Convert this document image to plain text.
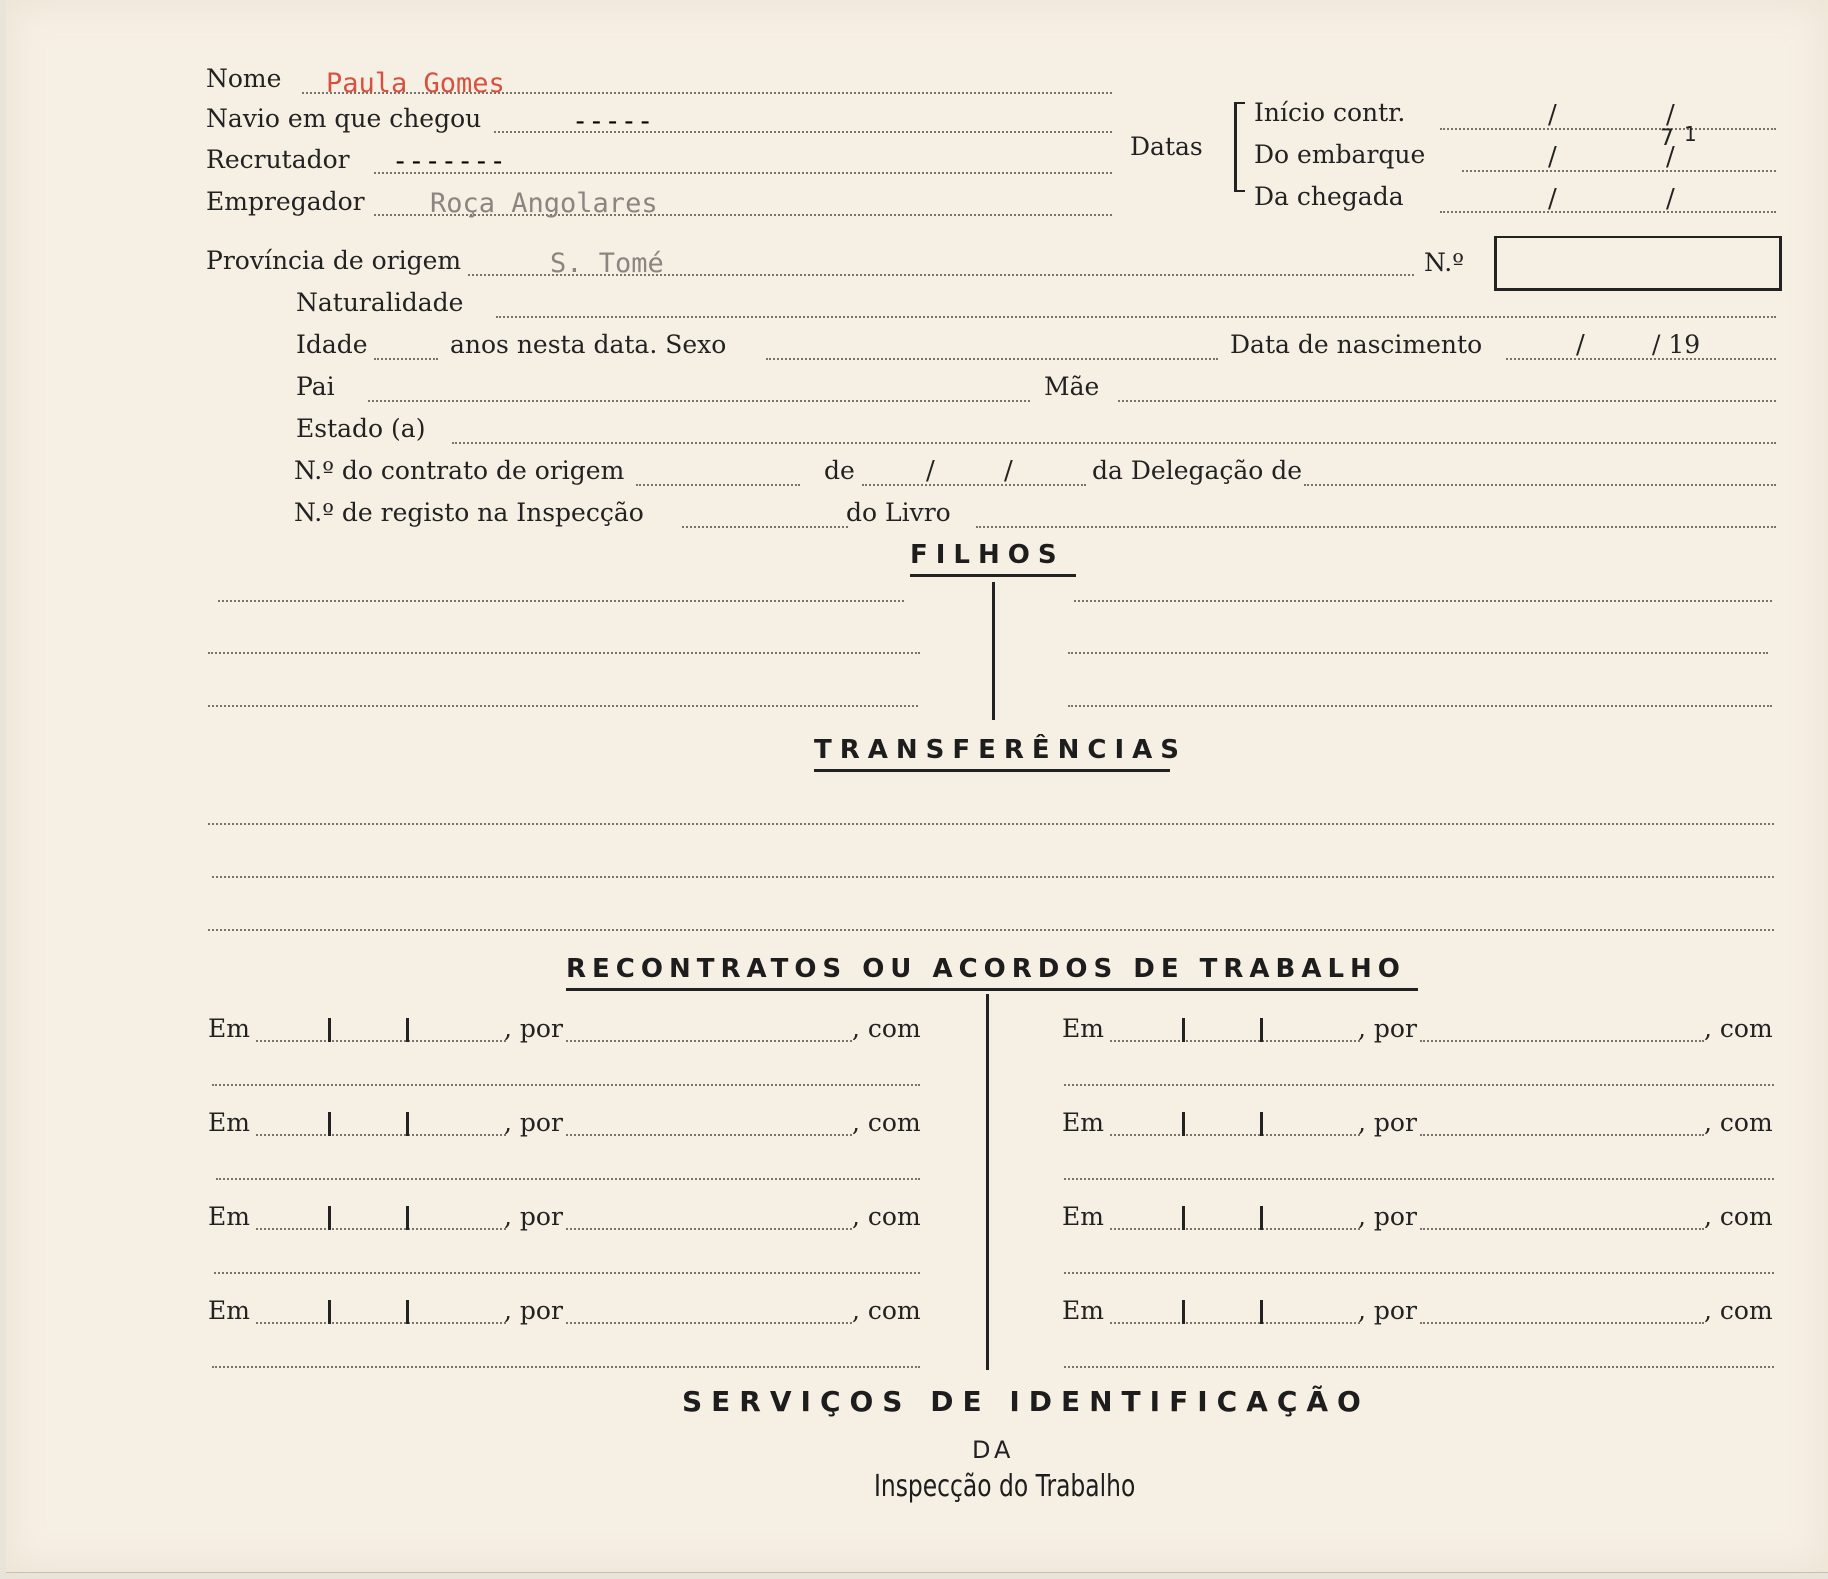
Nome Paula Gomes
Navio em que chegou	-----
Recrutador -------
Empregador Roça Angolares
Datas
Início contr.	/	/
Do embarque	/	/
7 1
Da chegada	/	/
Província de origem	S. Tomé	N.º
Naturalidade
Idade	anos nesta data. Sexo	Data de nascimento	/	/ 19
Pai	Mãe
Estado (a)
N.º do contrato de origem	de	/	/	da Delegação de
N.º de registo na Inspecção	do Livro
FILHOS
TRANSFERÊNCIAS
RECONTRATOS OU ACORDOS DE TRABALHO
Em	, por	, com
Em	, por	, com
Em	, por	, com
Em	, por	, com
Em	, por	, com
Em	, por	, com
Em	, por	, com
Em	, por	, com
SERVIÇOS DE IDENTIFICAÇÃO
DA
Inspecção do Trabalho
